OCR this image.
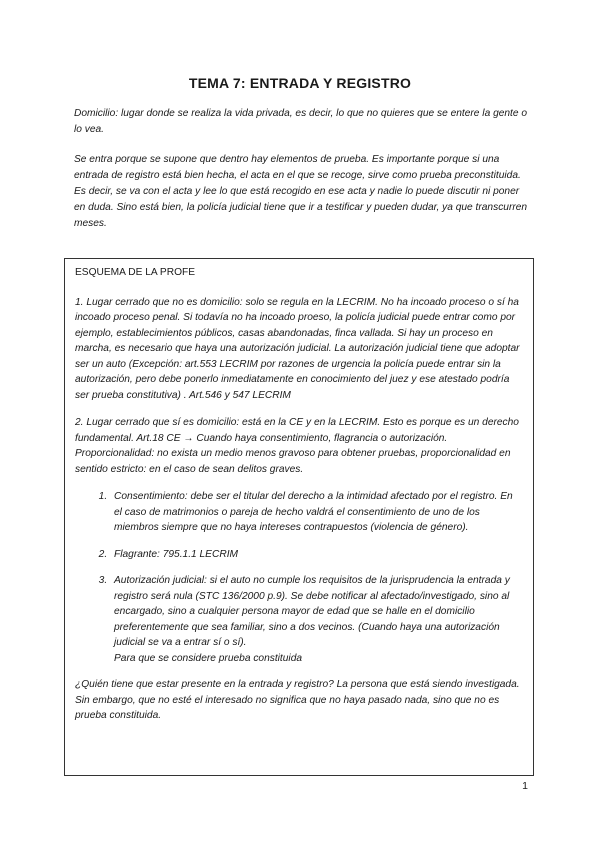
TEMA 7: ENTRADA Y REGISTRO
Domicilio: lugar donde se realiza la vida privada, es decir, lo que no quieres que se entere la gente o lo vea.
Se entra porque se supone que dentro hay elementos de prueba. Es importante porque si una entrada de registro está bien hecha, el acta en el que se recoge, sirve como prueba preconstituida. Es decir, se va con el acta y lee lo que está recogido en ese acta y nadie lo puede discutir ni poner en duda. Sino está bien, la policía judicial tiene que ir a testificar y pueden dudar, ya que transcurren meses.
ESQUEMA DE LA PROFE

1. Lugar cerrado que no es domicilio: solo se regula en la LECRIM. No ha incoado proceso o sí ha incoado proceso penal. Si todavía no ha incoado proeso, la policía judicial puede entrar como por ejemplo, establecimientos públicos, casas abandonadas, finca vallada. Si hay un proceso en marcha, es necesario que haya una autorización judicial. La autorización judicial tiene que adoptar ser un auto (Excepción: art.553 LECRIM por razones de urgencia la policía puede entrar sin la autorización, pero debe ponerlo inmediatamente en conocimiento del juez y ese atestado podría ser prueba constitutiva) . Art.546 y 547 LECRIM

2. Lugar cerrado que sí es domicilio: está en la CE y en la LECRIM. Esto es porque es un derecho fundamental. Art.18 CE → Cuando haya consentimiento, flagrancia o autorización. Proporcionalidad: no exista un medio menos gravoso para obtener pruebas, proporcionalidad en sentido estricto: en el caso de sean delitos graves.

1. Consentimiento: debe ser el titular del derecho a la intimidad afectado por el registro. En el caso de matrimonios o pareja de hecho valdrá el consentimiento de uno de los miembros siempre que no haya intereses contrapuestos (violencia de género).
2. Flagrante: 795.1.1 LECRIM
3. Autorización judicial: si el auto no cumple los requisitos de la jurisprudencia la entrada y registro será nula (STC 136/2000 p.9). Se debe notificar al afectado/investigado, sino al encargado, sino a cualquier persona mayor de edad que se halle en el domicilio preferentemente que sea familiar, sino a dos vecinos. (Cuando haya una autorización judicial se va a entrar sí o sí).
Para que se considere prueba constituida

¿Quién tiene que estar presente en la entrada y registro? La persona que está siendo investigada. Sin embargo, que no esté el interesado no significa que no haya pasado nada, sino que no es prueba constituida.

1
